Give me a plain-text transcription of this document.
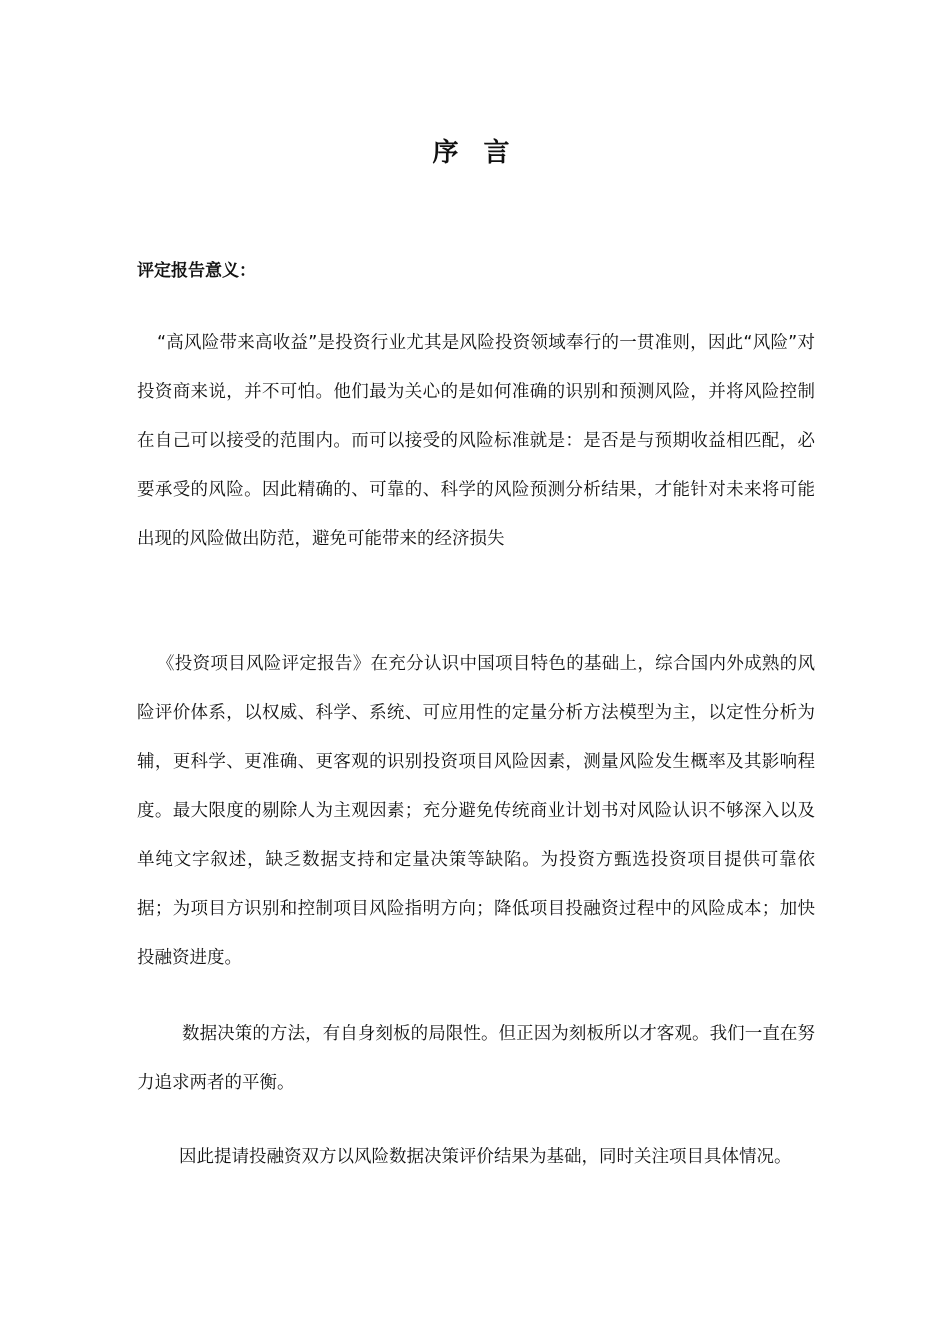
序 言
评定报告意义：

“高风险带来高收益”是投资行业尤其是风险投资领域奉行的一贯准则，因此“风险”对投资商来说，并不可怕。他们最为关心的是如何准确的识别和预测风险，并将风险控制在自己可以接受的范围内。而可以接受的风险标准就是：是否是与预期收益相匹配，必要承受的风险。因此精确的、可靠的、科学的风险预测分析结果，才能针对未来将可能出现的风险做出防范，避免可能带来的经济损失

《投资项目风险评定报告》在充分认识中国项目特色的基础上，综合国内外成熟的风险评价体系，以权威、科学、系统、可应用性的定量分析方法模型为主，以定性分析为辅，更科学、更准确、更客观的识别投资项目风险因素，测量风险发生概率及其影响程度。最大限度的剔除人为主观因素；充分避免传统商业计划书对风险认识不够深入以及单纯文字叙述，缺乏数据支持和定量决策等缺陷。为投资方甄选投资项目提供可靠依据；为项目方识别和控制项目风险指明方向；降低项目投融资过程中的风险成本；加快投融资进度。

数据决策的方法，有自身刻板的局限性。但正因为刻板所以才客观。我们一直在努力追求两者的平衡。

因此提请投融资双方以风险数据决策评价结果为基础，同时关注项目具体情况。
